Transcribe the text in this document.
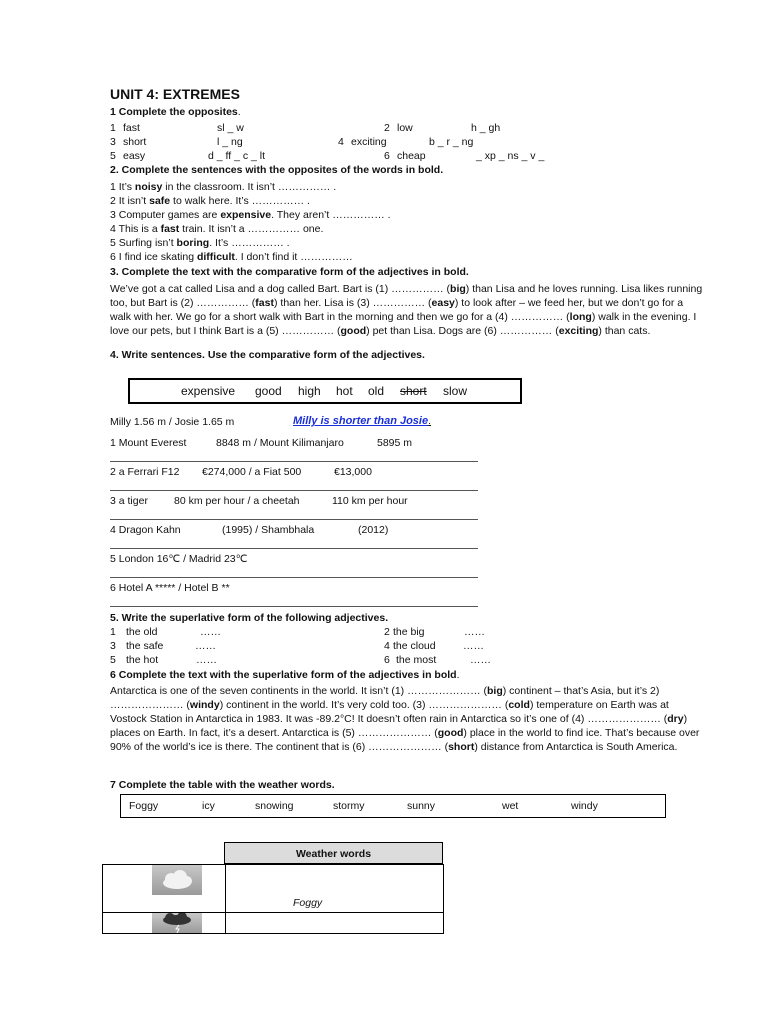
UNIT 4: EXTREMES
1 Complete the opposites.
1 fast	sl _ w	2 low	h _ gh
3 short	l _ ng	4 exciting	b _ r _ ng
5 easy	d _ ff _ c _ lt	6 cheap	_ xp _ ns _ v _
2. Complete the sentences with the opposites of the words in bold.
1 It’s noisy in the classroom. It isn’t …………… .
2 It isn’t safe to walk here. It’s …………… .
3 Computer games are expensive. They aren’t …………… .
4 This is a fast train. It isn’t a …………… one.
5 Surfing isn’t boring. It’s …………… .
6 I find ice skating difficult. I don’t find it ……………
3. Complete the text with the comparative form of the adjectives in bold.
We’ve got a cat called Lisa and a dog called Bart. Bart is (1) …………… (big) than Lisa and he loves running. Lisa likes running too, but Bart is (2) …………… (fast) than her. Lisa is (3) …………… (easy) to look after – we feed her, but we don’t go for a walk with her. We go for a short walk with Bart in the morning and then we go for a (4) …………… (long) walk in the evening. I love our pets, but I think Bart is a (5) …………… (good) pet than Lisa. Dogs are (6) …………… (exciting) than cats.
4. Write sentences. Use the comparative form of the adjectives.
expensive good high hot old short slow
Milly 1.56 m / Josie 1.65 m	Milly is shorter than Josie.
1 Mount Everest	8848 m / Mount Kilimanjaro	5895 m
2 a Ferrari F12 €274,000 / a Fiat 500	€13,000
3 a tiger 80 km per hour / a cheetah	110 km per hour
4 Dragon Kahn	(1995) / Shambhala	(2012)
5 London 16℃ / Madrid 23℃
6 Hotel A ***** / Hotel B **
5. Write the superlative form of the following adjectives.
1 the old	……	2 the big	……
3 the safe	……	4 the cloud	……
5 the hot	……	6 the most	……
6 Complete the text with the superlative form of the adjectives in bold.
Antarctica is one of the seven continents in the world. It isn’t (1) ………………… (big) continent – that’s Asia, but it’s 2) ………………… (windy) continent in the world. It’s very cold too. (3) ………………… (cold) temperature on Earth was at Vostock Station in Antarctica in 1983. It was -89.2°C! It doesn’t often rain in Antarctica so it’s one of (4) ………………… (dry) places on Earth. In fact, it’s a desert. Antarctica is (5) ………………… (good) place in the world to find ice. That’s because over 90% of the world’s ice is there. The continent that is (6) ………………… (short) distance from Antarctica is South America.
7 Complete the table with the weather words.
Foggy	icy	snowing	stormy	sunny	wet	windy
Weather words
Foggy
